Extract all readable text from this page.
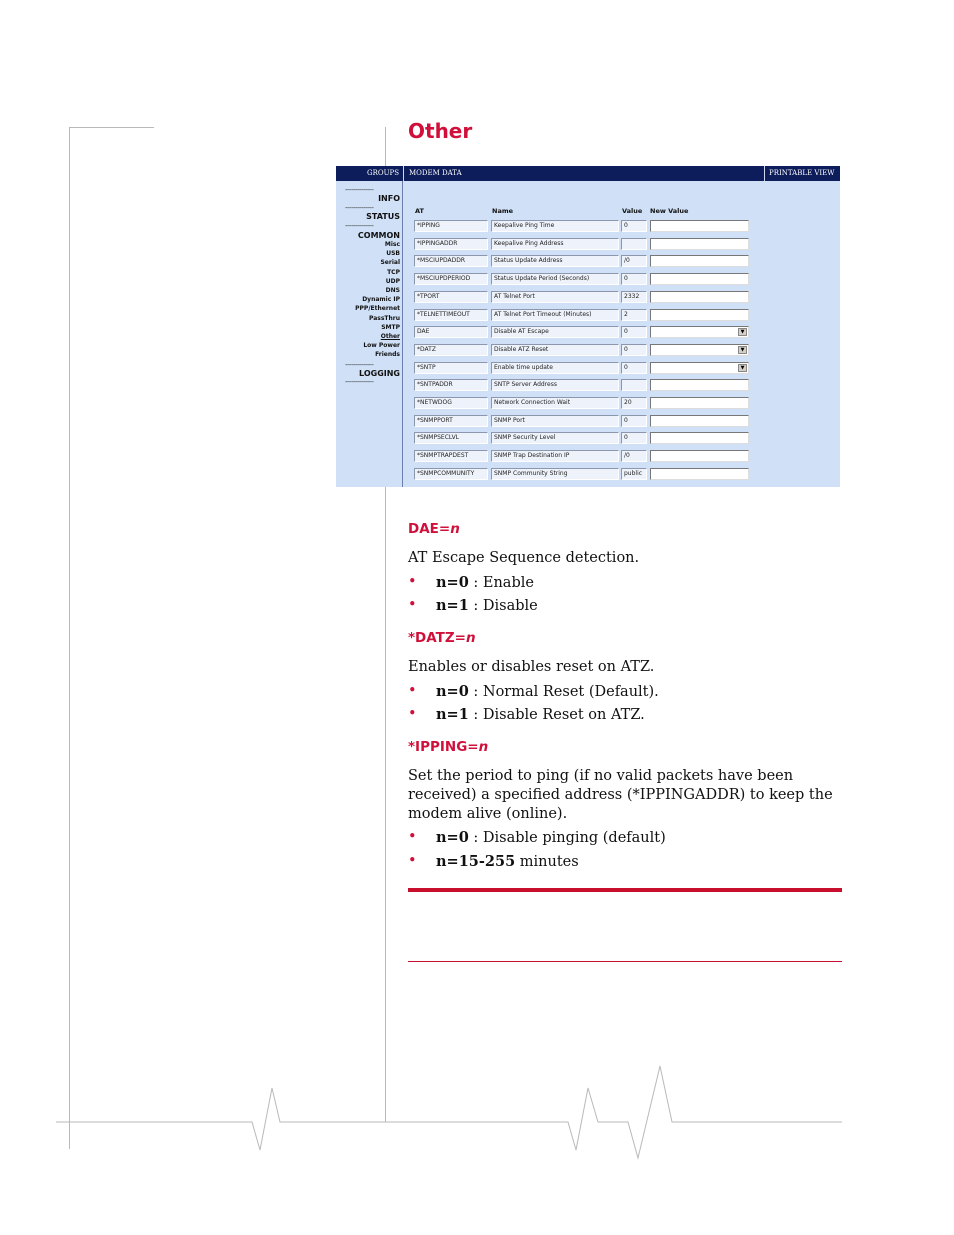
Other
GROUPS MODEM DATA	PRINTABLE VIEW
--------------
INFO
--------------
STATUS
--------------
COMMON
Misc
USB
Serial
TCP
UDP
DNS
Dynamic IP
PPP/Ethernet
PassThru
SMTP
Other
Low Power
Friends
--------------
LOGGING
--------------
AT	Name	Value New Value
*IPPING	Keepalive Ping Time	0
*IPPINGADDR	Keepalive Ping Address
*MSCIUPDADDR	Status Update Address	/0
*MSCIUPDPERIOD	Status Update Period (Seconds)	0
*TPORT	AT Telnet Port	2332
*TELNETTIMEOUT	AT Telnet Port Timeout (Minutes)	2
DAE	Disable AT Escape	0	▼
*DATZ	Disable ATZ Reset	0	▼
*SNTP	Enable time update	0	▼
*SNTPADDR	SNTP Server Address
*NETWDOG	Network Connection Wait	20
*SNMPPORT	SNMP Port	0
*SNMPSECLVL	SNMP Security Level	0
*SNMPTRAPDEST	SNMP Trap Destination IP	/0
*SNMPCOMMUNITY	SNMP Community String	public
DAE=n

AT Escape Sequence detection.

• n=0 : Enable
• n=1 : Disable
*DATZ=n

Enables or disables reset on ATZ.

• n=0 : Normal Reset (Default).
• n=1 : Disable Reset on ATZ.
*IPPING=n

Set the period to ping (if no valid packets have been received) a specified address (*IPPINGADDR) to keep the modem alive (online).

• n=0 : Disable pinging (default)
• n=15-255 minutes
